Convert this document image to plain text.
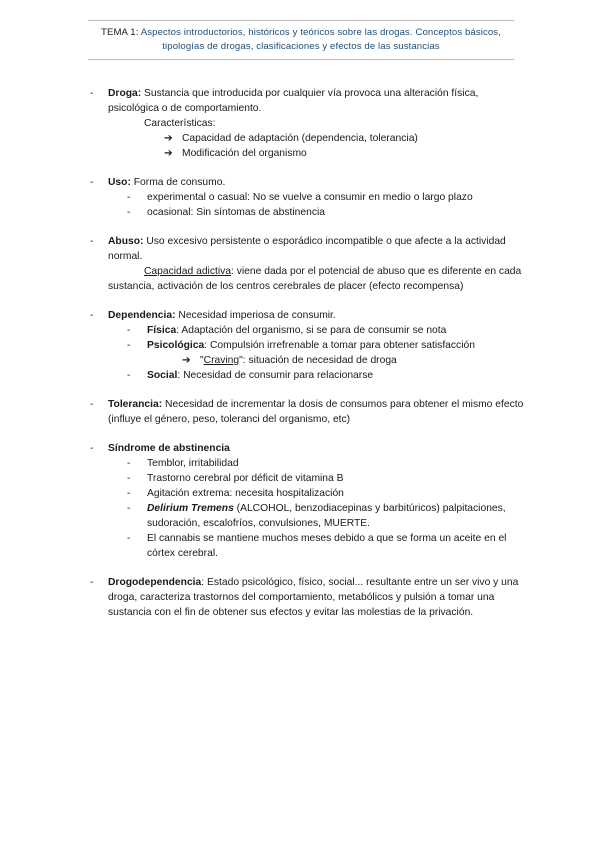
TEMA 1: Aspectos introductorios, históricos y teóricos sobre las drogas. Conceptos básicos,
tipologías de drogas, clasificaciones y efectos de las sustancias
- Droga: Sustancia que introducida por cualquier vía provoca una alteración física, psicológica o de comportamiento.
Características:
➔ Capacidad de adaptación (dependencia, tolerancia)
➔ Modificación del organismo
- Uso: Forma de consumo.
- experimental o casual: No se vuelve a consumir en medio o largo plazo
- ocasional: Sin síntomas de abstinencia
- Abuso: Uso excesivo persistente o esporádico incompatible o que afecte a la actividad normal.
Capacidad adictiva: viene dada por el potencial de abuso que es diferente en cada sustancia, activación de los centros cerebrales de placer (efecto recompensa)
- Dependencia: Necesidad imperiosa de consumir.
- Física: Adaptación del organismo, si se para de consumir se nota
- Psicológica: Compulsión irrefrenable a tomar para obtener satisfacción
➔ "Craving": situación de necesidad de droga
- Social: Necesidad de consumir para relacionarse
- Tolerancia: Necesidad de incrementar la dosis de consumos para obtener el mismo efecto (influye el género, peso, toleranci del organismo, etc)
- Síndrome de abstinencia
- Temblor, irritabilidad
- Trastorno cerebral por déficit de vitamina B
- Agitación extrema: necesita hospitalización
- Delirium Tremens (ALCOHOL, benzodiacepinas y barbitúricos) palpitaciones, sudoración, escalofríos, convulsiones, MUERTE.
- El cannabis se mantiene muchos meses debido a que se forma un aceite en el córtex cerebral.
- Drogodependencia: Estado psicológico, físico, social... resultante entre un ser vivo y una droga, caracteriza trastornos del comportamiento, metabólicos y pulsión a tomar una sustancia con el fin de obtener sus efectos y evitar las molestias de la privación.
